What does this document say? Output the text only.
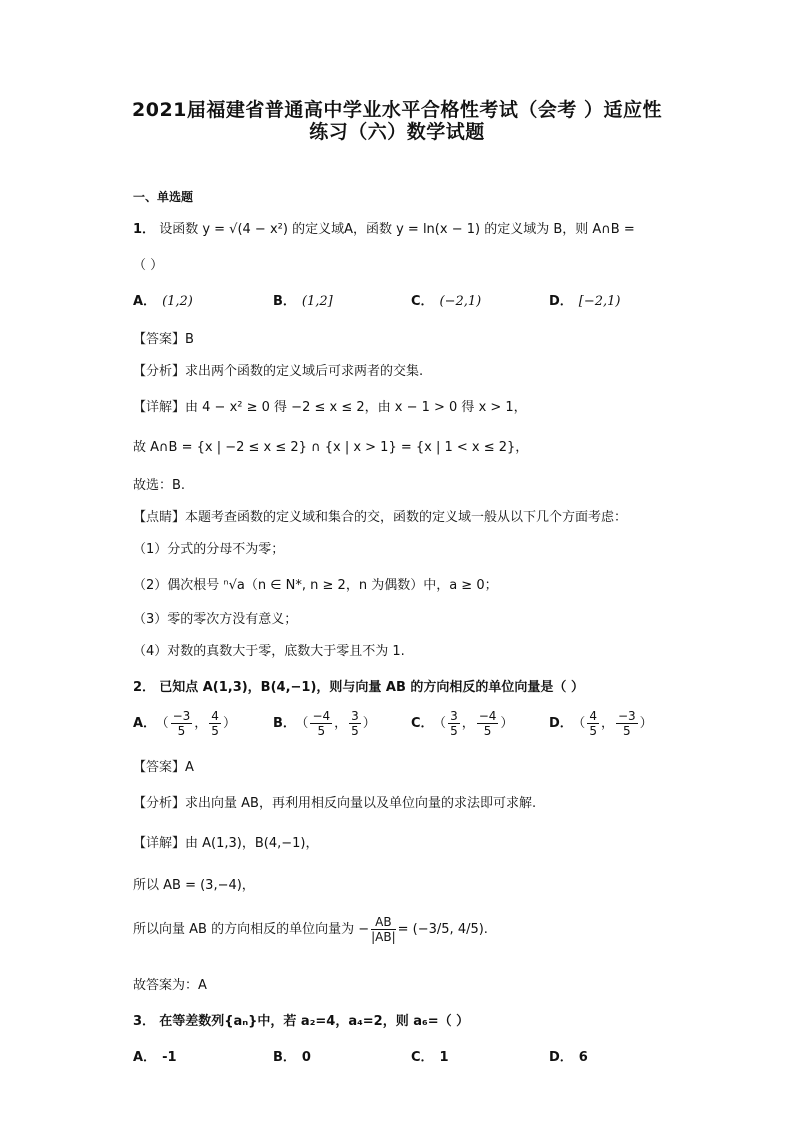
2021届福建省普通高中学业水平合格性考试（会考 ）适应性
练习（六）数学试题
一、单选题
1． 设函数 y = √(4 − x²) 的定义域A，函数 y = ln(x − 1) 的定义域为 B，则 A∩B =
（ ）
A． (1,2)	B． (1,2]	C． (−2,1)	D． [−2,1)
【答案】B
【分析】求出两个函数的定义域后可求两者的交集.
【详解】由 4 − x² ≥ 0 得 −2 ≤ x ≤ 2，由 x − 1 > 0 得 x > 1，
故 A∩B = {x | −2 ≤ x ≤ 2} ∩ {x | x > 1} = {x | 1 < x ≤ 2}，
故选：B.
【点睛】本题考查函数的定义域和集合的交，函数的定义域一般从以下几个方面考虑：
（1）分式的分母不为零；
（2）偶次根号 ⁿ√a（n ∈ N*, n ≥ 2，n 为偶数）中，a ≥ 0；
（3）零的零次方没有意义；
（4）对数的真数大于零，底数大于零且不为 1.
2． 已知点 A(1,3)，B(4,−1)，则与向量 AB 的方向相反的单位向量是（ ）
A． （ $\frac{-3}{5}$ ， $\frac{4}{5}$ ）	B． （ $\frac{-4}{5}$ ， $\frac{3}{5}$ ）	C． （ $\frac{3}{5}$ ， $\frac{-4}{5}$ ）	D． （ $\frac{4}{5}$ ， $\frac{-3}{5}$ ）
【答案】A
【分析】求出向量 AB，再利用相反向量以及单位向量的求法即可求解.
【详解】由 A(1,3)，B(4,−1)，
所以 AB = (3,−4)，
所以向量 AB 的方向相反的单位向量为 − $\frac{AB}{|AB|} = (-3/5$, 4/5).
故答案为：A
3． 在等差数列{aₙ}中，若 a₂=4，a₄=2，则 a₆=（ ）
A． -1	B． 0	C． 1	D． 6
